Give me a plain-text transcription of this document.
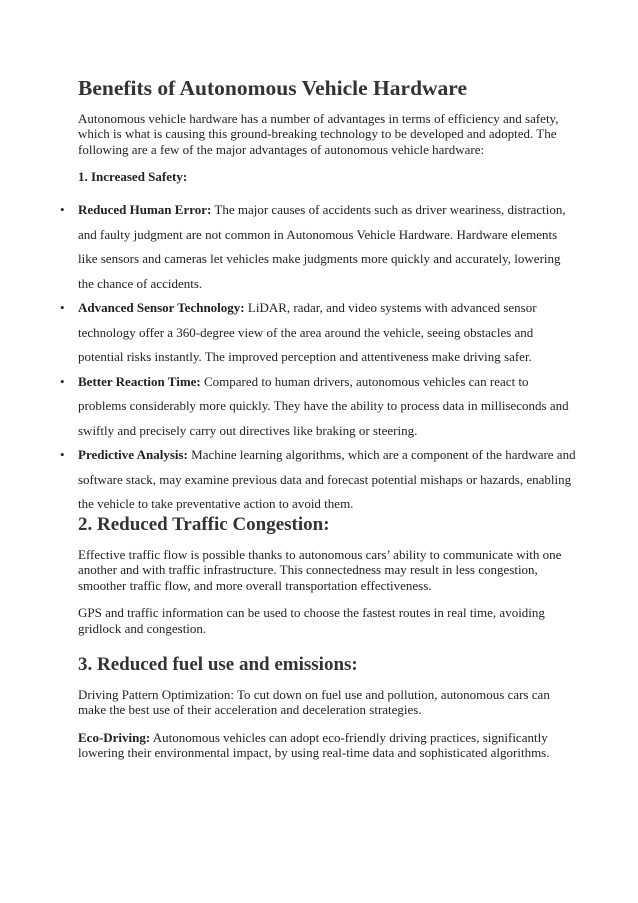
Benefits of Autonomous Vehicle Hardware

Autonomous vehicle hardware has a number of advantages in terms of efficiency and safety, which is what is causing this ground-breaking technology to be developed and adopted. The following are a few of the major advantages of autonomous vehicle hardware:

1. Increased Safety:
• Reduced Human Error: The major causes of accidents such as driver weariness, distraction, and faulty judgment are not common in Autonomous Vehicle Hardware. Hardware elements like sensors and cameras let vehicles make judgments more quickly and accurately, lowering the chance of accidents.
• Advanced Sensor Technology: LiDAR, radar, and video systems with advanced sensor technology offer a 360-degree view of the area around the vehicle, seeing obstacles and potential risks instantly. The improved perception and attentiveness make driving safer.
• Better Reaction Time: Compared to human drivers, autonomous vehicles can react to problems considerably more quickly. They have the ability to process data in milliseconds and swiftly and precisely carry out directives like braking or steering.
• Predictive Analysis: Machine learning algorithms, which are a component of the hardware and software stack, may examine previous data and forecast potential mishaps or hazards, enabling the vehicle to take preventative action to avoid them.
2. Reduced Traffic Congestion:

Effective traffic flow is possible thanks to autonomous cars’ ability to communicate with one another and with traffic infrastructure. This connectedness may result in less congestion, smoother traffic flow, and more overall transportation effectiveness.

GPS and traffic information can be used to choose the fastest routes in real time, avoiding gridlock and congestion.

3. Reduced fuel use and emissions:

Driving Pattern Optimization: To cut down on fuel use and pollution, autonomous cars can make the best use of their acceleration and deceleration strategies.

Eco-Driving: Autonomous vehicles can adopt eco-friendly driving practices, significantly lowering their environmental impact, by using real-time data and sophisticated algorithms.
